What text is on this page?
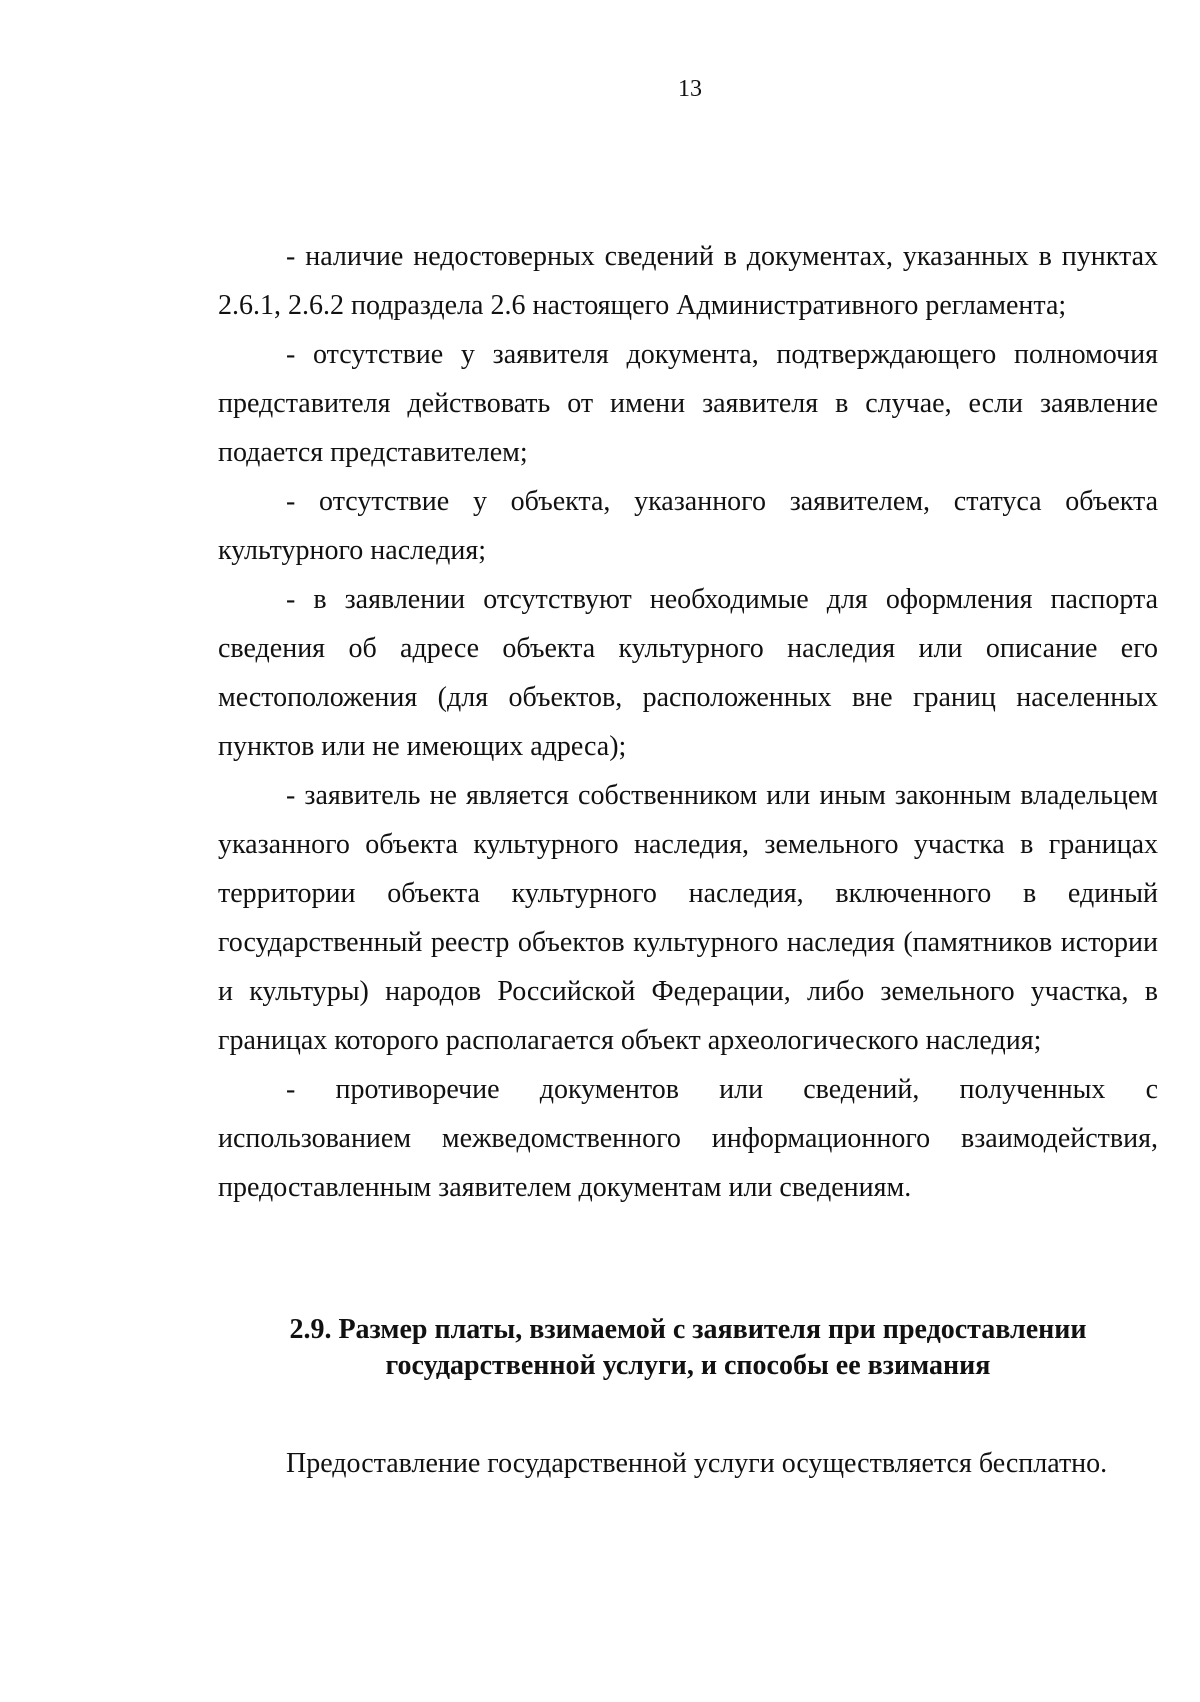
13

- наличие недостоверных сведений в документах, указанных в пунктах 2.6.1, 2.6.2 подраздела 2.6 настоящего Административного регламента;

- отсутствие у заявителя документа, подтверждающего полномочия представителя действовать от имени заявителя в случае, если заявление подается представителем;

- отсутствие у объекта, указанного заявителем, статуса объекта культурного наследия;

- в заявлении отсутствуют необходимые для оформления паспорта сведения об адресе объекта культурного наследия или описание его местоположения (для объектов, расположенных вне границ населенных пунктов или не имеющих адреса);

- заявитель не является собственником или иным законным владельцем указанного объекта культурного наследия, земельного участка в границах территории объекта культурного наследия, включенного в единый государственный реестр объектов культурного наследия (памятников истории и культуры) народов Российской Федерации, либо земельного участка, в границах которого располагается объект археологического наследия;

- противоречие документов или сведений, полученных с использованием межведомственного информационного взаимодействия, предоставленным заявителем документам или сведениям.

2.9. Размер платы, взимаемой с заявителя при предоставлении
государственной услуги, и способы ее взимания

Предоставление государственной услуги осуществляется бесплатно.
